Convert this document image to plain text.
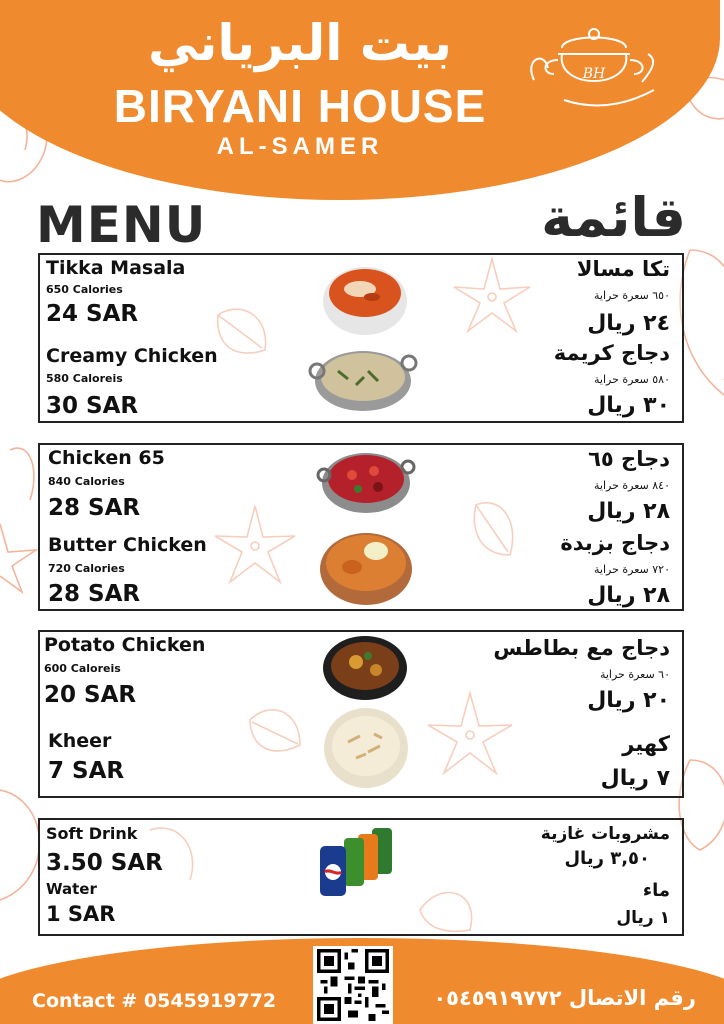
بيت البرياني
BIRYANI HOUSE
AL-SAMER
BH
MENU	قائمة
Tikka Masala
650 Calories
24 SAR
Creamy Chicken
580 Caloreis
30 SAR
تكا مسالا
٦٥٠ سعرة حراية
٢٤ ريال
دجاج كريمة
٥٨٠ سعرة حراية
٣٠ ريال
Chicken 65
840 Calories
28 SAR
Butter Chicken
720 Calories
28 SAR
دجاج ٦٥
٨٤٠ سعرة حراية
٢٨ ريال
دجاج بزبدة
٧٢٠ سعرة حراية
٢٨ ريال
Potato Chicken
600 Caloreis
20 SAR
Kheer
7 SAR
دجاج مع بطاطس
٦٠ سعرة حراية
٢٠ ريال
كهير
٧ ريال
Soft Drink
3.50 SAR
Water
1 SAR
مشروبات غازية
٣,٥٠ ريال
ماء
١ ريال
Contact # 0545919772	رقم الاتصال ٠٥٤٥٩١٩٧٧٢
